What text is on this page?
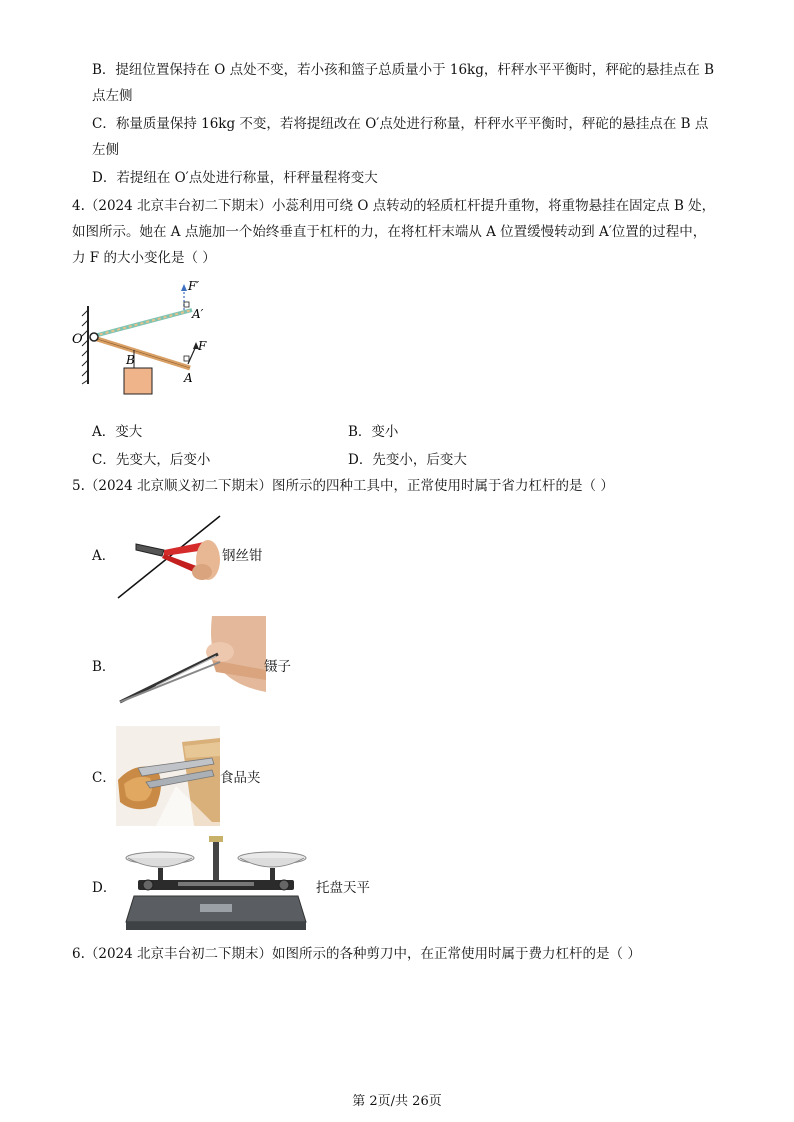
B．提纽位置保持在 O 点处不变，若小孩和篮子总质量小于 16kg，杆秤水平平衡时，秤砣的悬挂点在 B
点左侧
C．称量质量保持 16kg 不变，若将提纽改在 O′点处进行称量，杆秤水平平衡时，秤砣的悬挂点在 B 点
左侧
D．若提纽在 O′点处进行称量，杆秤量程将变大
4.（2024 北京丰台初二下期末）小蕊利用可绕 O 点转动的轻质杠杆提升重物，将重物悬挂在固定点 B 处，
如图所示。她在 A 点施加一个始终垂直于杠杆的力，在将杠杆末端从 A 位置缓慢转动到 A′位置的过程中，
力 F 的大小变化是（ ）
O
B
A
A′
F
F′
A．变大	B．变小
C．先变大，后变小	D．先变小，后变大
5.（2024 北京顺义初二下期末）图所示的四种工具中，正常使用时属于省力杠杆的是（ ）
A．	钢丝钳
B．	镊子
C．	食品夹
D．	托盘天平
6.（2024 北京丰台初二下期末）如图所示的各种剪刀中，在正常使用时属于费力杠杆的是（ ）
第 2页/共 26页
